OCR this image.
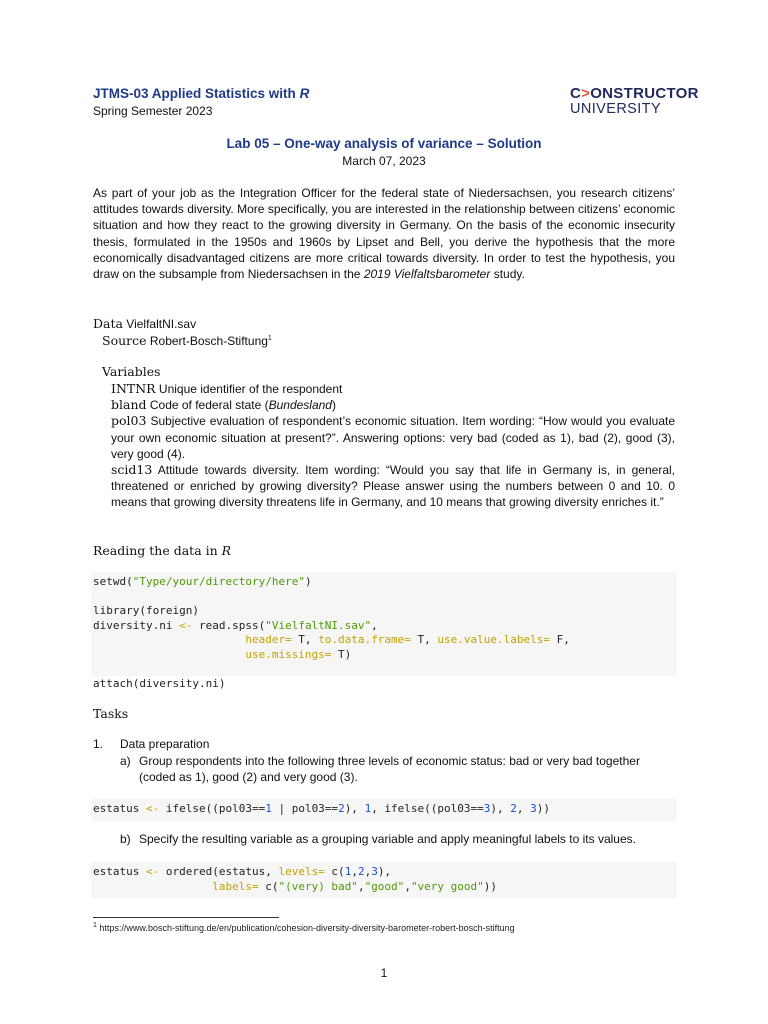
JTMS-03 Applied Statistics with R
Spring Semester 2023
C>ONSTRUCTOR
UNIVERSITY
Lab 05 – One-way analysis of variance – Solution
March 07, 2023
As part of your job as the Integration Officer for the federal state of Niedersachsen, you research citizens’ attitudes towards diversity. More specifically, you are interested in the relationship between citizens’ economic situation and how they react to the growing diversity in Germany. On the basis of the economic insecurity thesis, formulated in the 1950s and 1960s by Lipset and Bell, you derive the hypothesis that the more economically disadvantaged citizens are more critical towards diversity. In order to test the hypothesis, you draw on the subsample from Niedersachsen in the 2019 Vielfaltsbarometer study.
Data VielfaltNI.sav
Source Robert-Bosch-Stiftung$^1$
Variables
INTNR Unique identifier of the respondent
bland Code of federal state (Bundesland)
pol03 Subjective evaluation of respondent’s economic situation. Item wording: “How would you evaluate your own economic situation at present?”. Answering options: very bad (coded as 1), bad (2), good (3), very good (4).
scid13 Attitude towards diversity. Item wording: “Would you say that life in Germany is, in general, threatened or enriched by growing diversity? Please answer using the numbers between 0 and 10. 0 means that growing diversity threatens life in Germany, and 10 means that growing diversity enriches it.”
Reading the data in R
setwd("Type/your/directory/here")

library(foreign)
diversity.ni <- read.spss("VielfaltNI.sav",
header= T, to.data.frame= T, use.value.labels= F,
use.missings= T)

attach(diversity.ni)
Tasks
1. Data preparation
a) Group respondents into the following three levels of economic status: bad or very bad together
(coded as 1), good (2) and very good (3).
estatus <- ifelse((pol03==1 | pol03==2), 1, ifelse((pol03==3), 2, 3))
b) Specify the resulting variable as a grouping variable and apply meaningful labels to its values.
estatus <- ordered(estatus, levels= c(1,2,3),
labels= c("(very) bad","good","very good"))
$^1$ https://www.bosch-stiftung.de/en/publication/cohesion-diversity-diversity-barometer-robert-bosch-stiftung
1
